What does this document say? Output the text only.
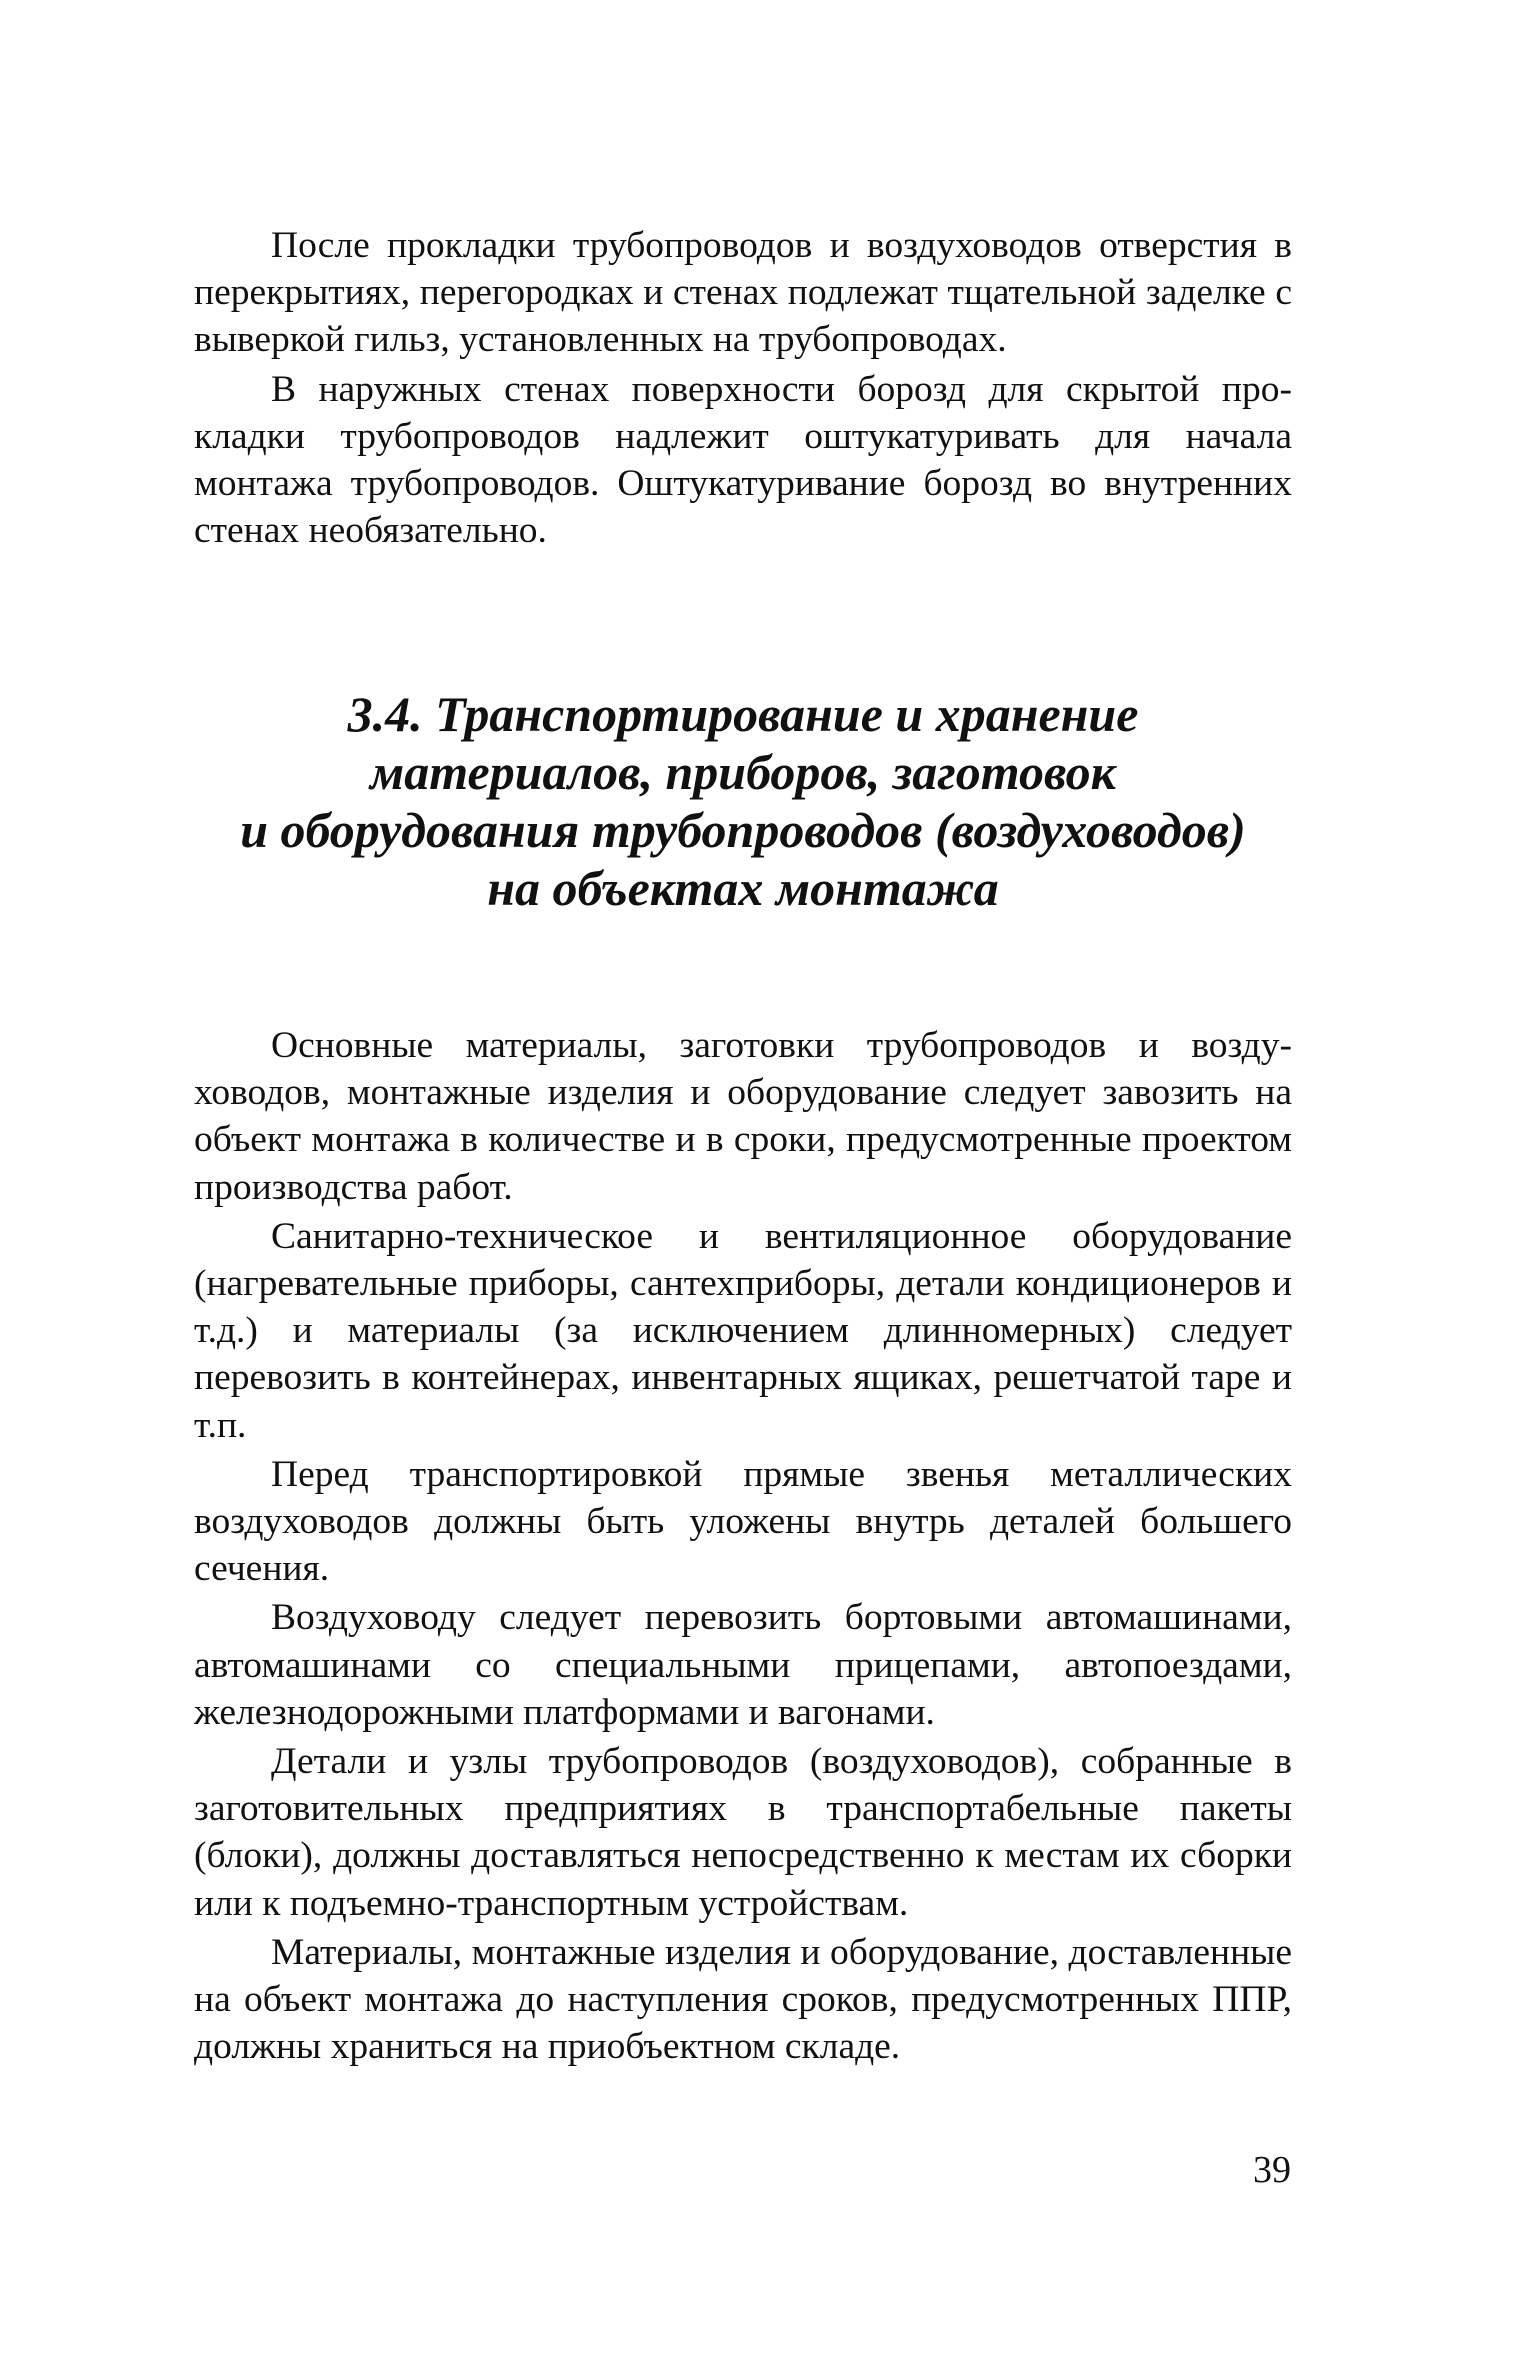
После прокладки трубопроводов и воздуховодов отверстия в перекрытиях, перегородках и стенах подлежат тщательной заделке с выверкой гильз, установленных на трубопроводах.

В наружных стенах поверхности борозд для скрытой прокладки трубопроводов надлежит оштукатуривать для начала монтажа трубопроводов. Оштукатуривание борозд во внутренних стенах необязательно.

3.4. Транспортирование и хранение
материалов, приборов, заготовок
и оборудования трубопроводов (воздуховодов)
на объектах монтажа

Основные материалы, заготовки трубопроводов и воздуховодов, монтажные изделия и оборудование следует завозить на объект монтажа в количестве и в сроки, предусмотренные проектом производства работ.

Санитарно-техническое и вентиляционное оборудование (нагревательные приборы, сантехприборы, детали кондиционеров и т.д.) и материалы (за исключением длинномерных) следует перевозить в контейнерах, инвентарных ящиках, решетчатой таре и т.п.

Перед транспортировкой прямые звенья металлических воздуховодов должны быть уложены внутрь деталей большего сечения.

Воздуховоду следует перевозить бортовыми автомашинами, автомашинами со специальными прицепами, автопоездами, железнодорожными платформами и вагонами.

Детали и узлы трубопроводов (воздуховодов), собранные в заготовительных предприятиях в транспортабельные пакеты (блоки), должны доставляться непосредственно к местам их сборки или к подъемно-транспортным устройствам.

Материалы, монтажные изделия и оборудование, доставленные на объект монтажа до наступления сроков, предусмотренных ППР, должны храниться на приобъектном складе.

39
